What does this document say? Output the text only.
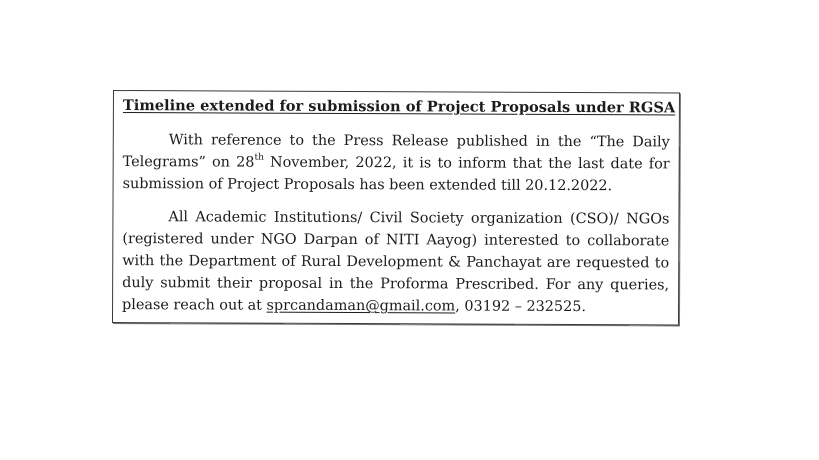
Timeline extended for submission of Project Proposals under RGSA

With reference to the Press Release published in the “The Daily Telegrams” on 28th November, 2022, it is to inform that the last date for submission of Project Proposals has been extended till 20.12.2022.

All Academic Institutions/ Civil Society organization (CSO)/ NGOs (registered under NGO Darpan of NITI Aayog) interested to collaborate with the Department of Rural Development & Panchayat are requested to duly submit their proposal in the Proforma Prescribed. For any queries, please reach out at sprcandaman@gmail.com, 03192 – 232525.
